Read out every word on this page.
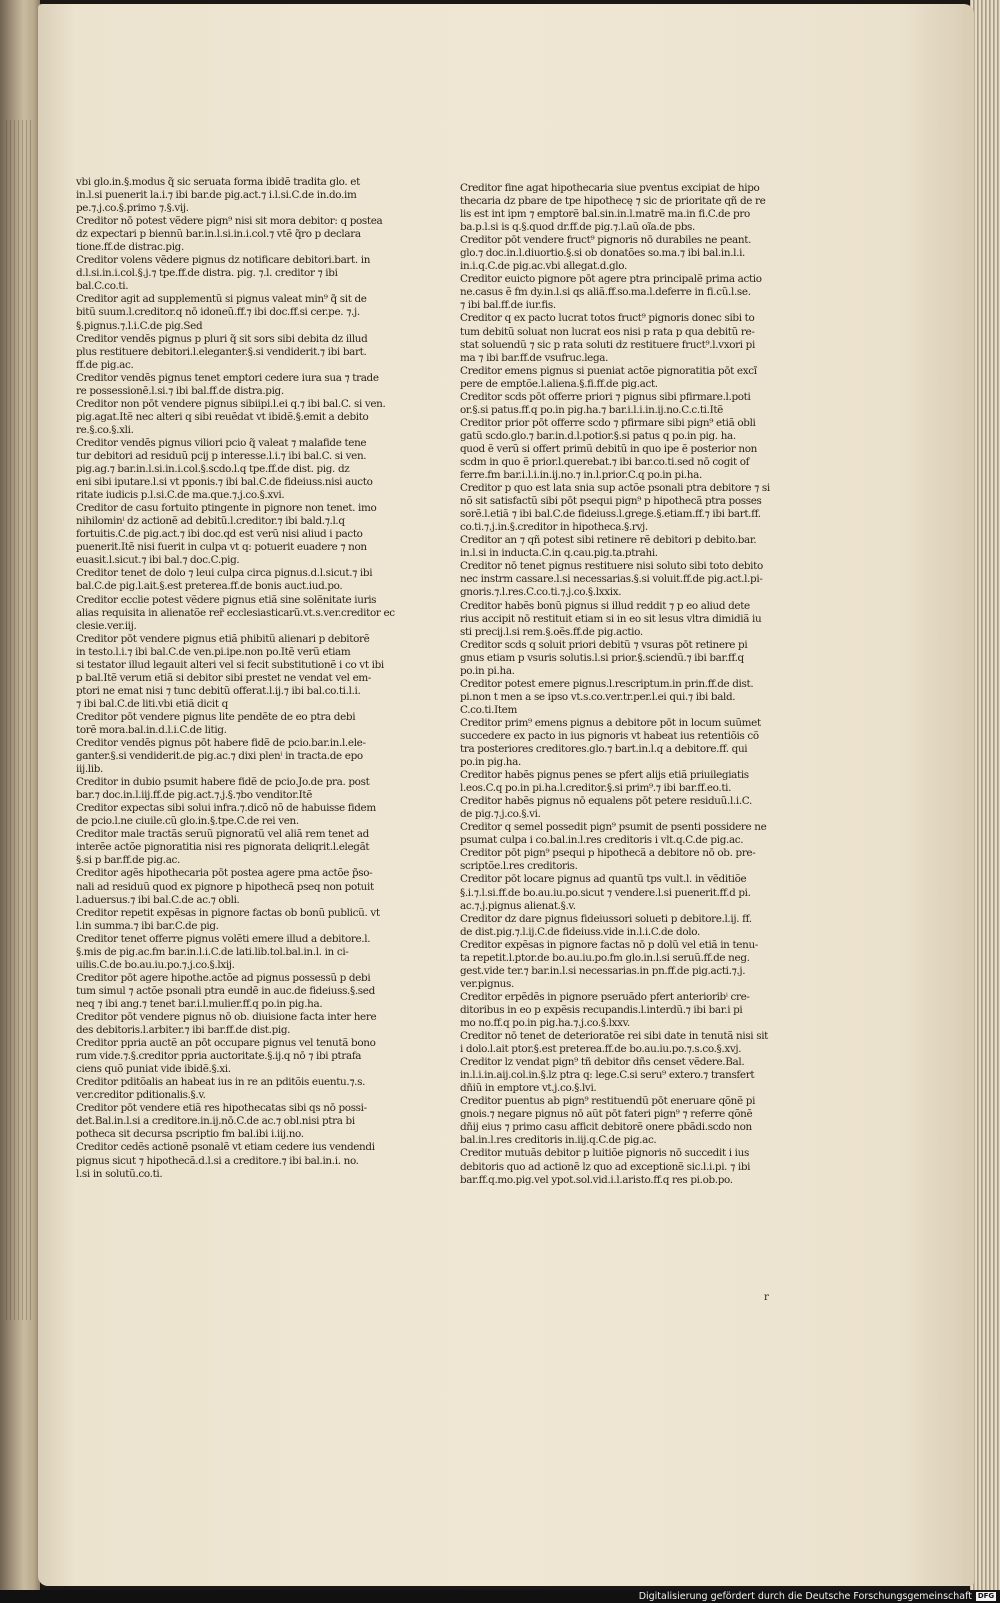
vbi glo.in.§.modus q̃ sic seruata forma ibidẽ tradita glo. et

in.l.si puenerit la.i.⁊ ibi bar.de pig.act.⁊ i.l.si.C.de in.do.im

pe.⁊.j.co.§.primo ⁊.§.vij.

Creditor nō potest vẽdere pign⁹ nisi sit mora debitor: q postea

dz expectari p biennũ bar.in.l.si.in.i.col.⁊ vtẽ q̃ro p declara

tione.ff.de distrac.pig.

Creditor volens vẽdere pignus dz notificare debitori.bart. in

d.l.si.in.i.col.§.j.⁊ tpe.ff.de distra. pig. ⁊.l. creditor ⁊ ibi

bal.C.co.ti.

Creditor agit ad supplementũ si pignus valeat min⁹ q̃ sit de

bitũ suum.l.creditor.q nō idoneũ.ff.⁊ ibi doc.ff.si cer.pe. ⁊.j.

§.pignus.⁊.l.i.C.de pig.Sed

Creditor vendẽs pignus p pluri q̃ sit sors sibi debita dz illud

plus restituere debitori.l.eleganter.§.si vendiderit.⁊ ibi bart.

ff.de pig.ac.

Creditor vendẽs pignus tenet emptori cedere iura sua ⁊ trade

re possessionẽ.l.si.⁊ ibi bal.ff.de distra.pig.

Creditor non pōt vendere pignus sibiipi.l.ei q.⁊ ibi bal.C. si ven.

pig.agat.Itẽ nec alteri q sibi reuẽdat vt ibidẽ.§.emit a debito

re.§.co.§.xli.

Creditor vendẽs pignus viliori pcio q̃ valeat ⁊ malafide tene

tur debitori ad residuũ pcij p interesse.l.i.⁊ ibi bal.C. si ven.

pig.ag.⁊ bar.in.l.si.in.i.col.§.scdo.l.q tpe.ff.de dist. pig. dz

eni sibi iputare.l.si vt pponis.⁊ ibi bal.C.de fideiuss.nisi aucto

ritate iudicis p.l.si.C.de ma.que.⁊.j.co.§.xvi.

Creditor de casu fortuito ptingente in pignore non tenet. imo

nihilominⁱ dz actionẽ ad debitũ.l.creditor.⁊ ibi bald.⁊.l.q

fortuitis.C.de pig.act.⁊ ibi doc.qd est verũ nisi aliud i pacto

puenerit.Itẽ nisi fuerit in culpa vt q: potuerit euadere ⁊ non

euasit.l.sicut.⁊ ibi bal.⁊ doc.C.pig.

Creditor tenet de dolo ⁊ leui culpa circa pignus.d.l.sicut.⁊ ibi

bal.C.de pig.l.ait.§.est preterea.ff.de bonis auct.iud.po.

Creditor ecclie potest vẽdere pignus etiã sine solẽnitate iuris

alias requisita in alienatõe rer̃ ecclesiasticarũ.vt.s.ver.creditor ec

clesie.ver.iij.

Creditor pōt vendere pignus etiã phibitũ alienari p debitorẽ

in testo.l.i.⁊ ibi bal.C.de ven.pi.ipe.non po.Itẽ verũ etiam

si testator illud legauit alteri vel si fecit substitutionẽ i co vt ibi

p bal.Itẽ verum etiã si debitor sibi prestet ne vendat vel em-

ptori ne emat nisi ⁊ tunc debitũ offerat.l.ij.⁊ ibi bal.co.ti.l.i.

⁊ ibi bal.C.de liti.vbi etiã dicit q

Creditor pōt vendere pignus lite pendẽte de eo ptra debi

torẽ mora.bal.in.d.l.i.C.de litig.

Creditor vendẽs pignus pōt habere fidẽ de pcio.bar.in.l.ele-

ganter.§.si vendiderit.de pig.ac.⁊ dixi plenⁱ in tracta.de epo

iij.lib.

Creditor in dubio psumit habere fidẽ de pcio.Jo.de pra. post

bar.⁊ doc.in.l.iij.ff.de pig.act.⁊.j.§.⁊bo venditor.Itẽ

Creditor expectas sibi solui infra.⁊.dicõ nõ de habuisse fidem

de pcio.l.ne ciuile.cũ glo.in.§.tpe.C.de rei ven.

Creditor male tractãs seruũ pignoratũ vel aliã rem tenet ad

interẽe actõe pignoratitia nisi res pignorata deliqrit.l.elegãt

§.si p bar.ff.de pig.ac.

Creditor agẽs hipothecaria pōt postea agere pma actõe p̃so-

nali ad residuũ quod ex pignore p hipothecã pseq non potuit

l.aduersus.⁊ ibi bal.C.de ac.⁊ obli.

Creditor repetit expẽsas in pignore factas ob bonũ publicũ. vt

l.in summa.⁊ ibi bar.C.de pig.

Creditor tenet offerre pignus volẽti emere illud a debitore.l.

§.mis de pig.ac.fm bar.in.l.i.C.de lati.lib.tol.bal.in.l. in ci-

uilis.C.de bo.au.iu.po.⁊.j.co.§.lxij.

Creditor pōt agere hipothe.actõe ad pignus possessũ p debi

tum simul ⁊ actõe psonali ptra eundẽ in auc.de fideiuss.§.sed

neq ⁊ ibi ang.⁊ tenet bar.i.l.mulier.ff.q po.in pig.ha.

Creditor pōt vendere pignus nō ob. diuisione facta inter here

des debitoris.l.arbiter.⁊ ibi bar.ff.de dist.pig.

Creditor ppria auctẽ an pōt occupare pignus vel tenutã bono

rum vide.⁊.§.creditor ppria auctoritate.§.ij.q nō ⁊ ibi ptrafa

ciens quõ puniat vide ibidẽ.§.xi.

Creditor pditõalis an habeat ius in re an pditõis euentu.⁊.s.

ver.creditor pditionalis.§.v.

Creditor pōt vendere etiã res hipothecatas sibi qs nō possi-

det.Bal.in.l.si a creditore.in.ij.nō.C.de ac.⁊ obl.nisi ptra bi

potheca sit decursa pscriptio fm bal.ibi i.iij.no.

Creditor cedẽs actionẽ psonalẽ vt etiam cedere ius vendendi

pignus sicut ⁊ hipothecã.d.l.si a creditore.⁊ ibi bal.in.i. no.

l.si in solutũ.co.ti.

Creditor fine agat hipothecaria siue pventus excipiat de hipo

thecaria dz pbare de tpe hipothecę ⁊ sic de prioritate qñ de re

lis est int ipm ⁊ emptorẽ bal.sin.in.l.matrẽ ma.in fi.C.de pro

ba.p.l.si is q.§.quod dr.ff.de pig.⁊.l.aũ oĩa.de pbs.

Creditor pōt vendere fruct⁹ pignoris nō durabiles ne peant.

glo.⁊ doc.in.l.diuortio.§.si ob donatões so.ma.⁊ ibi bal.in.l.i.

in.i.q.C.de pig.ac.vbi allegat.d.glo.

Creditor euicto pignore pōt agere ptra principalẽ prima actio

ne.casus ẽ fm dy.in.l.si qs aliã.ff.so.ma.l.deferre in fi.cũ.l.se.

⁊ ibi bal.ff.de iur.fis.

Creditor q ex pacto lucrat totos fruct⁹ pignoris donec sibi to

tum debitũ soluat non lucrat eos nisi p rata p qua debitũ re-

stat soluendũ ⁊ sic p rata soluti dz restituere fruct⁹.l.vxori pi

ma ⁊ ibi bar.ff.de vsufruc.lega.

Creditor emens pignus si pueniat actõe pignoratitia pōt excĩ

pere de emptõe.l.aliena.§.fi.ff.de pig.act.

Creditor scds pōt offerre priori ⁊ pignus sibi pfirmare.l.poti

or.§.si patus.ff.q po.in pig.ha.⁊ bar.i.l.i.in.ij.no.C.c.ti.Itẽ

Creditor prior pōt offerre scdo ⁊ pfirmare sibi pign⁹ etiã obli

gatũ scdo.glo.⁊ bar.in.d.l.potior.§.si patus q po.in pig. ha.

quod ẽ verũ si offert primũ debitũ in quo ipe ẽ posterior non

scdm in quo ẽ prior.l.querebat.⁊ ibi bar.co.ti.sed nō cogit of

ferre.fm bar.i.l.i.in.ij.no.⁊ in.l.prior.C.q po.in pi.ha.

Creditor p quo est lata snia sup actõe psonali ptra debitore ⁊ si

nõ sit satisfactũ sibi pōt psequi pign⁹ p hipothecã ptra posses

sorẽ.l.etiã ⁊ ibi bal.C.de fideiuss.l.grege.§.etiam.ff.⁊ ibi bart.ff.

co.ti.⁊.j.in.§.creditor in hipotheca.§.rvj.

Creditor an ⁊ qñ potest sibi retinere rẽ debitori p debito.bar.

in.l.si in inducta.C.in q.cau.pig.ta.ptrahi.

Creditor nō tenet pignus restituere nisi soluto sibi toto debito

nec instrm cassare.l.si necessarias.§.si voluit.ff.de pig.act.l.pi-

gnoris.⁊.l.res.C.co.ti.⁊.j.co.§.lxxix.

Creditor habẽs bonũ pignus si illud reddit ⁊ p eo aliud dete

rius accipit nō restituit etiam si in eo sit lesus vltra dimidiã iu

sti precij.l.si rem.§.oẽs.ff.de pig.actio.

Creditor scds q soluit priori debitũ ⁊ vsuras pōt retinere pi

gnus etiam p vsuris solutis.l.si prior.§.sciendũ.⁊ ibi bar.ff.q

po.in pi.ha.

Creditor potest emere pignus.l.rescriptum.in prin.ff.de dist.

pi.non t men a se ipso vt.s.co.ver.tr.per.l.ei qui.⁊ ibi bald.

C.co.ti.Item

Creditor prim⁹ emens pignus a debitore pōt in locum suũmet

succedere ex pacto in ius pignoris vt habeat ius retentiõis cõ

tra posteriores creditores.glo.⁊ bart.in.l.q a debitore.ff. qui

po.in pig.ha.

Creditor habẽs pignus penes se pfert alijs etiã priuilegiatis

l.eos.C.q po.in pi.ha.l.creditor.§.si prim⁹.⁊ ibi bar.ff.eo.ti.

Creditor habẽs pignus nō equalens pōt petere residuũ.l.i.C.

de pig.⁊.j.co.§.vi.

Creditor q semel possedit pign⁹ psumit de psenti possidere ne

psumat culpa i co.bal.in.l.res creditoris i vlt.q.C.de pig.ac.

Creditor pōt pign⁹ psequi p hipothecã a debitore nō ob. pre-

scriptõe.l.res creditoris.

Creditor pōt locare pignus ad quantũ tps vult.l. in vẽditiõe

§.i.⁊.l.si.ff.de bo.au.iu.po.sicut ⁊ vendere.l.si puenerit.ff.d pi.

ac.⁊.j.pignus alienat.§.v.

Creditor dz dare pignus fideiussori solueti p debitore.l.ij. ff.

de dist.pig.⁊.l.ij.C.de fideiuss.vide in.l.i.C.de dolo.

Creditor expẽsas in pignore factas nō p dolũ vel etiã in tenu-

ta repetit.l.ptor.de bo.au.iu.po.fm glo.in.l.si seruũ.ff.de neg.

gest.vide ter.⁊ bar.in.l.si necessarias.in pn.ff.de pig.acti.⁊.j.

ver.pignus.

Creditor erpẽdẽs in pignore pseruãdo pfert anterioribⁱ cre-

ditoribus in eo p expẽsis recupandis.l.interdũ.⁊ ibi bar.i pi

mo no.ff.q po.in pig.ha.⁊.j.co.§.lxxv.

Creditor nō tenet de deterioratõe rei sibi date in tenutã nisi sit

i dolo.l.ait ptor.§.est preterea.ff.de bo.au.iu.po.⁊.s.co.§.xvj.

Creditor lz vendat pign⁹ tñ debitor dñs censet vẽdere.Bal.

in.l.i.in.aij.col.in.§.lz ptra q: lege.C.si seru⁹ extero.⁊ transfert

dñiũ in emptore vt.j.co.§.lvi.

Creditor puentus ab pign⁹ restituendũ pōt eneruare qõnẽ pi

gnois.⁊ negare pignus nō aũt pōt fateri pign⁹ ⁊ referre qõnẽ

dñij eius ⁊ primo casu afficit debitorẽ onere pbãdi.scdo non

bal.in.l.res creditoris in.iij.q.C.de pig.ac.

Creditor mutuãs debitor p luitiõe pignoris nō succedit i ius

debitoris quo ad actionẽ lz quo ad exceptionẽ sic.l.i.pi. ⁊ ibi

bar.ff.q.mo.pig.vel ypot.sol.vid.i.l.aristo.ff.q res pi.ob.po.

r
Digitalisierung gefördert durch die Deutsche Forschungsgemeinschaft DFG
